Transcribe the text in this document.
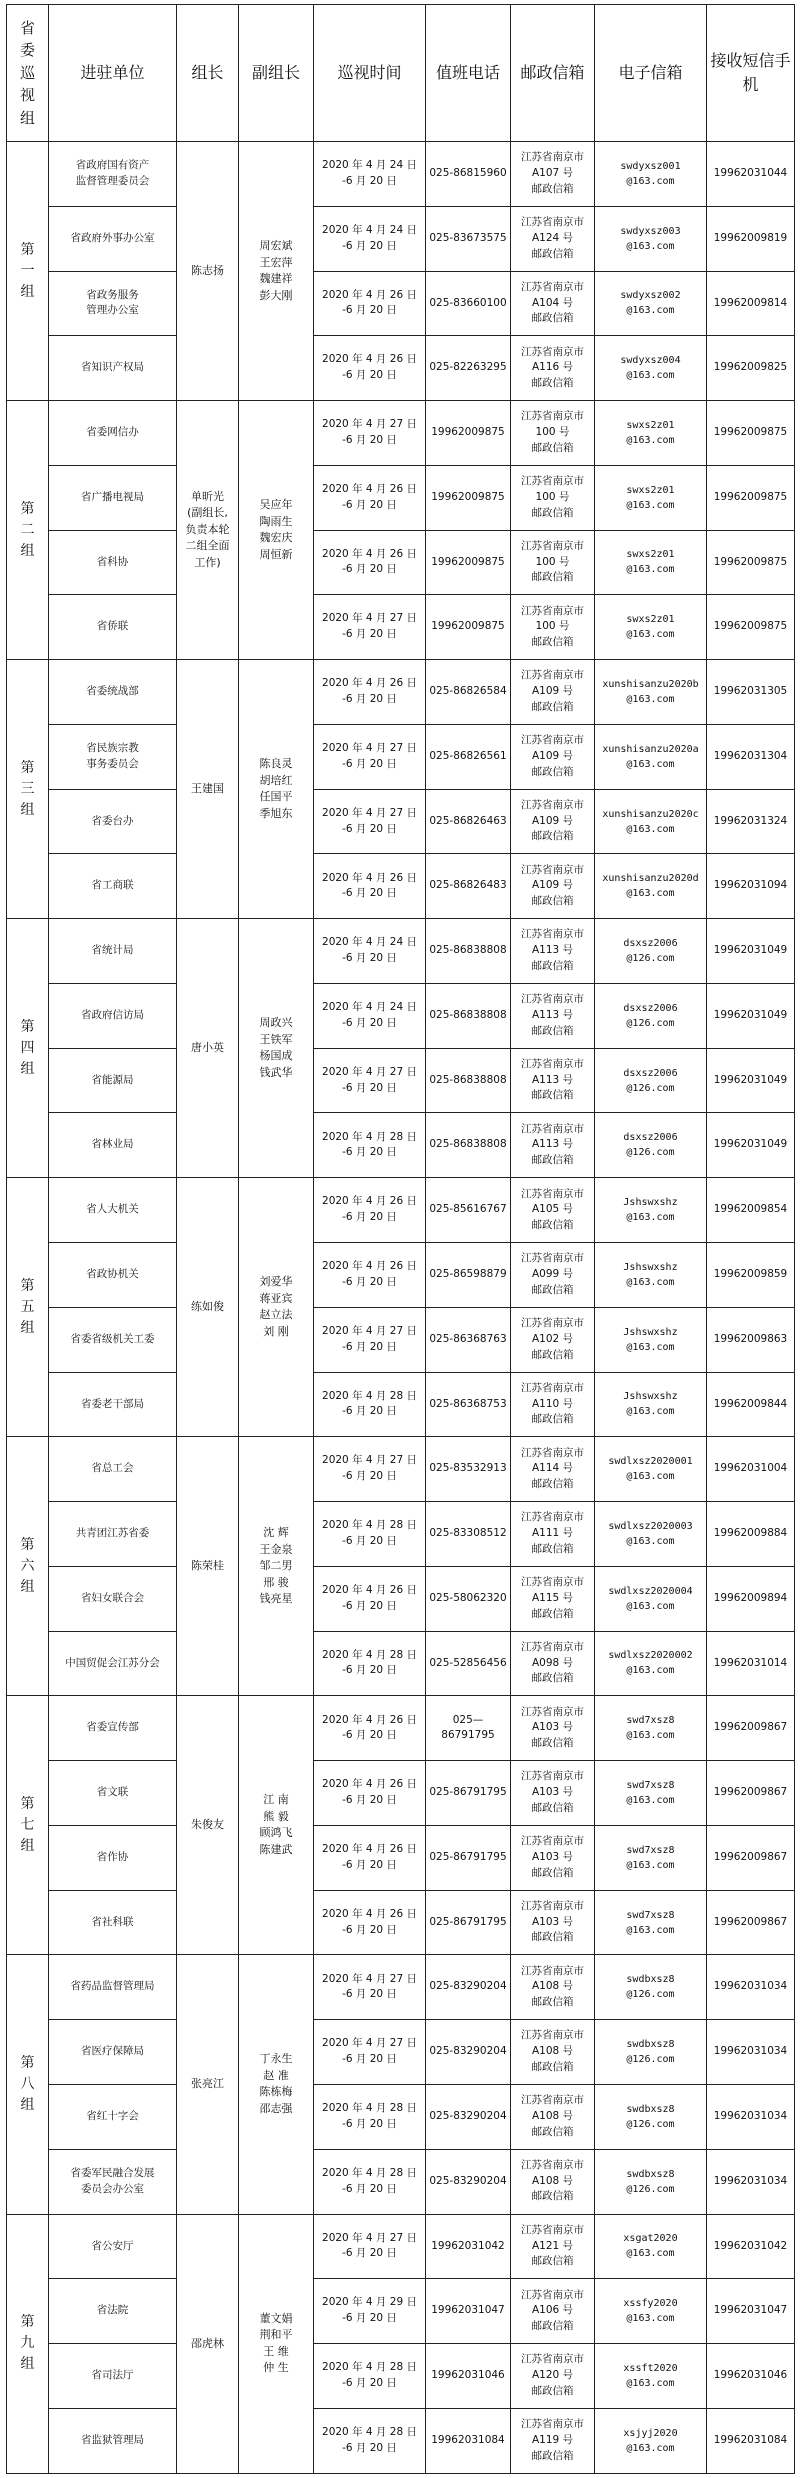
省
委
巡
视
组	进驻单位	组长	副组长	巡视时间	值班电话	邮政信箱	电子信箱	接收短信手机
第
一
组	省政府国有资产
监督管理委员会	陈志扬	周宏斌
王宏萍
魏建祥
彭大刚	2020 年 4 月 24 日
-6 月 20 日	025-86815960	江苏省南京市
A107 号
邮政信箱	swdyxsz001
@163.com	19962031044
	省政府外事办公室			2020 年 4 月 24 日
-6 月 20 日	025-83673575	江苏省南京市
A124 号
邮政信箱	swdyxsz003
@163.com	19962009819
	省政务服务
管理办公室			2020 年 4 月 26 日
-6 月 20 日	025-83660100	江苏省南京市
A104 号
邮政信箱	swdyxsz002
@163.com	19962009814
	省知识产权局			2020 年 4 月 26 日
-6 月 20 日	025-82263295	江苏省南京市
A116 号
邮政信箱	swdyxsz004
@163.com	19962009825
第
二
组	省委网信办	单昕光
(副组长,
负责本轮
二组全面
工作)	吴应年
陶雨生
魏宏庆
周恒新	2020 年 4 月 27 日
-6 月 20 日	19962009875	江苏省南京市
100 号
邮政信箱	swxs2z01
@163.com	19962009875
	省广播电视局			2020 年 4 月 26 日
-6 月 20 日	19962009875	江苏省南京市
100 号
邮政信箱	swxs2z01
@163.com	19962009875
	省科协			2020 年 4 月 26 日
-6 月 20 日	19962009875	江苏省南京市
100 号
邮政信箱	swxs2z01
@163.com	19962009875
	省侨联			2020 年 4 月 27 日
-6 月 20 日	19962009875	江苏省南京市
100 号
邮政信箱	swxs2z01
@163.com	19962009875
第
三
组	省委统战部	王建国	陈良灵
胡培红
任国平
季旭东	2020 年 4 月 26 日
-6 月 20 日	025-86826584	江苏省南京市
A109 号
邮政信箱	xunshisanzu2020b
@163.com	19962031305
	省民族宗教
事务委员会			2020 年 4 月 27 日
-6 月 20 日	025-86826561	江苏省南京市
A109 号
邮政信箱	xunshisanzu2020a
@163.com	19962031304
	省委台办			2020 年 4 月 27 日
-6 月 20 日	025-86826463	江苏省南京市
A109 号
邮政信箱	xunshisanzu2020c
@163.com	19962031324
	省工商联			2020 年 4 月 26 日
-6 月 20 日	025-86826483	江苏省南京市
A109 号
邮政信箱	xunshisanzu2020d
@163.com	19962031094
第
四
组	省统计局	唐小英	周政兴
王铁军
杨国成
钱武华	2020 年 4 月 24 日
-6 月 20 日	025-86838808	江苏省南京市
A113 号
邮政信箱	dsxsz2006
@126.com	19962031049
	省政府信访局			2020 年 4 月 24 日
-6 月 20 日	025-86838808	江苏省南京市
A113 号
邮政信箱	dsxsz2006
@126.com	19962031049
	省能源局			2020 年 4 月 27 日
-6 月 20 日	025-86838808	江苏省南京市
A113 号
邮政信箱	dsxsz2006
@126.com	19962031049
	省林业局			2020 年 4 月 28 日
-6 月 20 日	025-86838808	江苏省南京市
A113 号
邮政信箱	dsxsz2006
@126.com	19962031049
第
五
组	省人大机关	练如俊	刘爱华
蒋亚宾
赵立法
刘 刚	2020 年 4 月 26 日
-6 月 20 日	025-85616767	江苏省南京市
A105 号
邮政信箱	Jshswxshz
@163.com	19962009854
	省政协机关			2020 年 4 月 26 日
-6 月 20 日	025-86598879	江苏省南京市
A099 号
邮政信箱	Jshswxshz
@163.com	19962009859
	省委省级机关工委			2020 年 4 月 27 日
-6 月 20 日	025-86368763	江苏省南京市
A102 号
邮政信箱	Jshswxshz
@163.com	19962009863
	省委老干部局			2020 年 4 月 28 日
-6 月 20 日	025-86368753	江苏省南京市
A110 号
邮政信箱	Jshswxshz
@163.com	19962009844
第
六
组	省总工会	陈荣桂	沈 辉
王金泉
邹二男
邢 骏
钱亮星	2020 年 4 月 27 日
-6 月 20 日	025-83532913	江苏省南京市
A114 号
邮政信箱	swdlxsz2020001
@163.com	19962031004
	共青团江苏省委			2020 年 4 月 28 日
-6 月 20 日	025-83308512	江苏省南京市
A111 号
邮政信箱	swdlxsz2020003
@163.com	19962009884
	省妇女联合会			2020 年 4 月 26 日
-6 月 20 日	025-58062320	江苏省南京市
A115 号
邮政信箱	swdlxsz2020004
@163.com	19962009894
	中国贸促会江苏分会			2020 年 4 月 28 日
-6 月 20 日	025-52856456	江苏省南京市
A098 号
邮政信箱	swdlxsz2020002
@163.com	19962031014
第
七
组	省委宣传部	朱俊友	江 南
熊 毅
顾鸿飞
陈建武	2020 年 4 月 26 日
-6 月 20 日	025—86791795	江苏省南京市
A103 号
邮政信箱	swd7xsz8
@163.com	19962009867
	省文联			2020 年 4 月 26 日
-6 月 20 日	025-86791795	江苏省南京市
A103 号
邮政信箱	swd7xsz8
@163.com	19962009867
	省作协			2020 年 4 月 26 日
-6 月 20 日	025-86791795	江苏省南京市
A103 号
邮政信箱	swd7xsz8
@163.com	19962009867
	省社科联			2020 年 4 月 26 日
-6 月 20 日	025-86791795	江苏省南京市
A103 号
邮政信箱	swd7xsz8
@163.com	19962009867
第
八
组	省药品监督管理局	张亮江	丁永生
赵 准
陈栋梅
邵志强	2020 年 4 月 27 日
-6 月 20 日	025-83290204	江苏省南京市
A108 号
邮政信箱	swdbxsz8
@126.com	19962031034
	省医疗保障局			2020 年 4 月 27 日
-6 月 20 日	025-83290204	江苏省南京市
A108 号
邮政信箱	swdbxsz8
@126.com	19962031034
	省红十字会			2020 年 4 月 28 日
-6 月 20 日	025-83290204	江苏省南京市
A108 号
邮政信箱	swdbxsz8
@126.com	19962031034
	省委军民融合发展
委员会办公室			2020 年 4 月 28 日
-6 月 20 日	025-83290204	江苏省南京市
A108 号
邮政信箱	swdbxsz8
@126.com	19962031034
第
九
组	省公安厅	邵虎林	董文娟
荆和平
王 维
仲 生	2020 年 4 月 27 日
-6 月 20 日	19962031042	江苏省南京市
A121 号
邮政信箱	xsgat2020
@163.com	19962031042
	省法院			2020 年 4 月 29 日
-6 月 20 日	19962031047	江苏省南京市
A106 号
邮政信箱	xssfy2020
@163.com	19962031047
	省司法厅			2020 年 4 月 28 日
-6 月 20 日	19962031046	江苏省南京市
A120 号
邮政信箱	xssft2020
@163.com	19962031046
	省监狱管理局			2020 年 4 月 28 日
-6 月 20 日	19962031084	江苏省南京市
A119 号
邮政信箱	xsjyj2020
@163.com	19962031084
